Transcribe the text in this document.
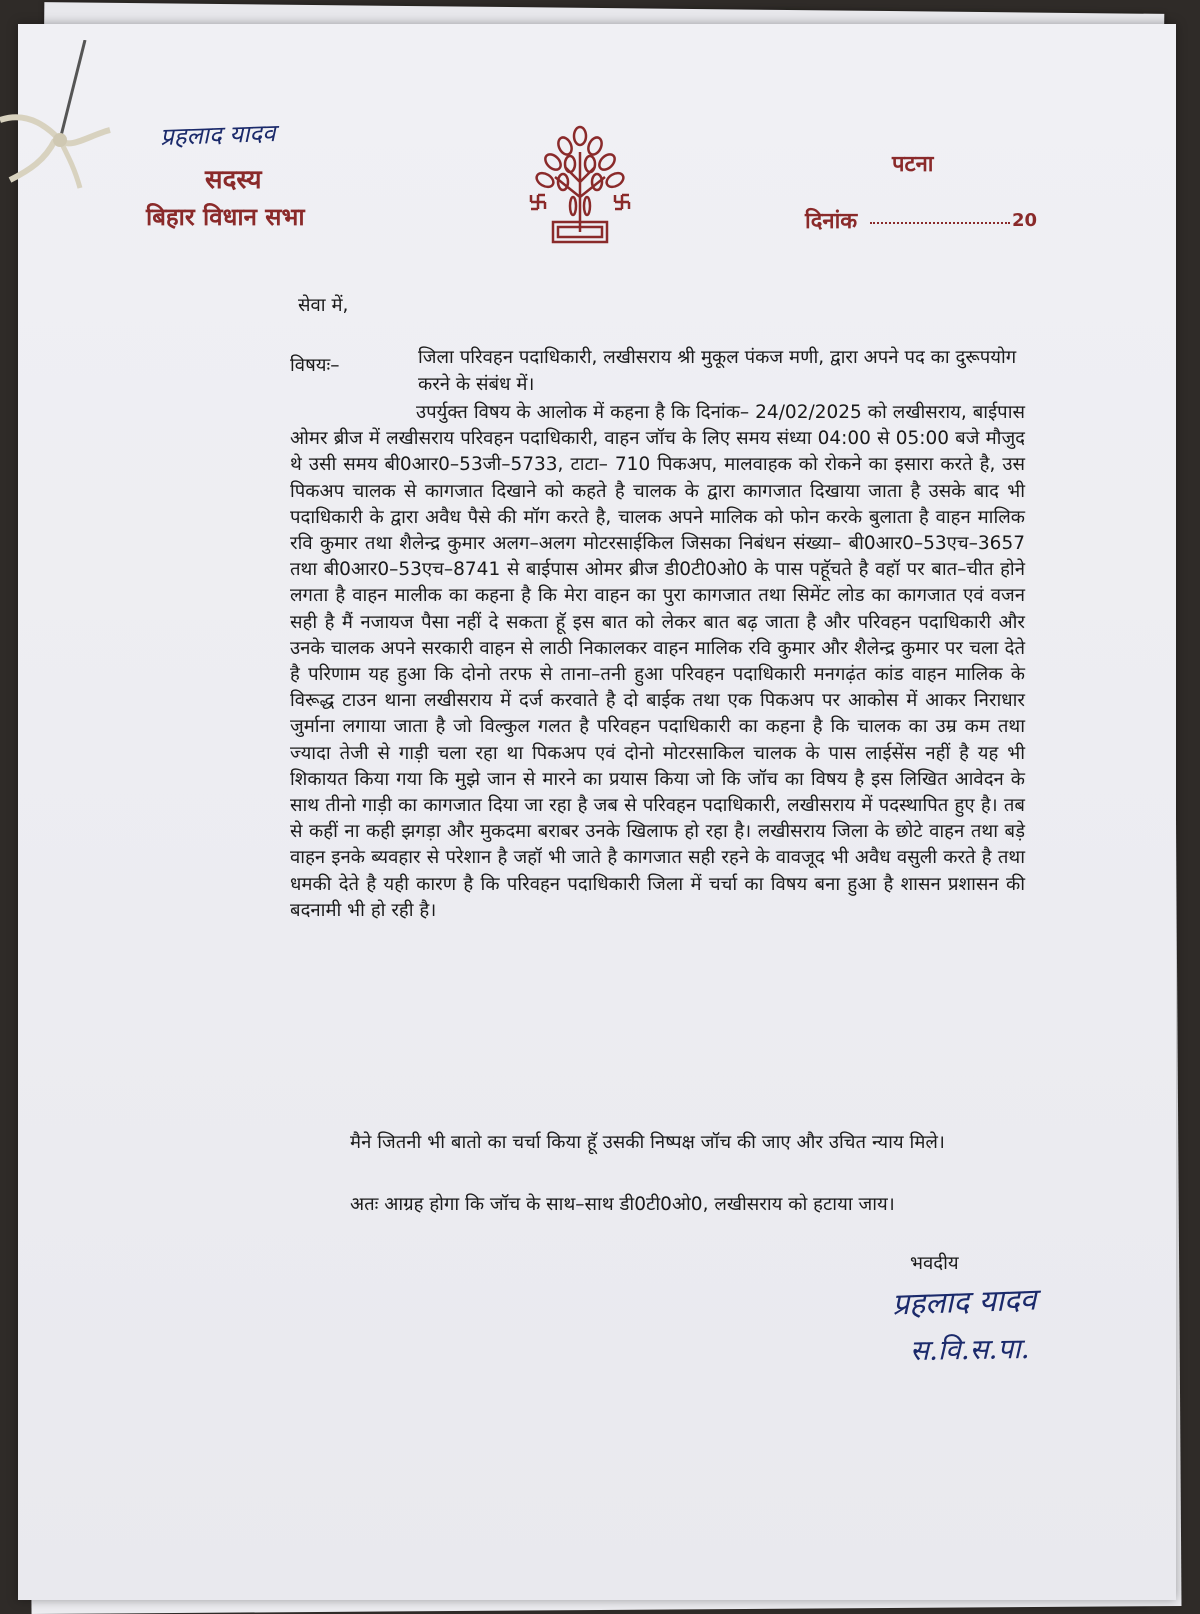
प्रहलाद यादव
सदस्य
बिहार विधान सभा
पटना
दिनांक	20
सेवा में,
विषयः–	जिला परिवहन पदाधिकारी, लखीसराय श्री मुकूल पंकज मणी, द्वारा अपने पद का दुरूपयोग करने के संबंध में।
उपर्युक्त विषय के आलोक में कहना है कि दिनांक– 24/02/2025 को लखीसराय, बाईपास ओमर ब्रीज में लखीसराय परिवहन पदाधिकारी, वाहन जॉच के लिए समय संध्या 04:00 से 05:00 बजे मौजुद थे उसी समय बी0आर0–53जी–5733, टाटा– 710 पिकअप, मालवाहक को रोकने का इसारा करते है, उस पिकअप चालक से कागजात दिखाने को कहते है चालक के द्वारा कागजात दिखाया जाता है उसके बाद भी पदाधिकारी के द्वारा अवैध पैसे की मॉग करते है, चालक अपने मालिक को फोन करके बुलाता है वाहन मालिक रवि कुमार तथा शैलेन्द्र कुमार अलग–अलग मोटरसाईकिल जिसका निबंधन संख्या– बी0आर0–53एच–3657 तथा बी0आर0–53एच–8741 से बाईपास ओमर ब्रीज डी0टी0ओ0 के पास पहूॅचते है वहॉ पर बात–चीत होने लगता है वाहन मालीक का कहना है कि मेरा वाहन का पुरा कागजात तथा सिमेंट लोड का कागजात एवं वजन सही है मैं नजायज पैसा नहीं दे सकता हूॅ इस बात को लेकर बात बढ़ जाता है और परिवहन पदाधिकारी और उनके चालक अपने सरकारी वाहन से लाठी निकालकर वाहन मालिक रवि कुमार और शैलेन्द्र कुमार पर चला देते है परिणाम यह हुआ कि दोनो तरफ से ताना–तनी हुआ परिवहन पदाधिकारी मनगढ़ंत कांड वाहन मालिक के विरूद्ध टाउन थाना लखीसराय में दर्ज करवाते है दो बाईक तथा एक पिकअप पर आकोस में आकर निराधार जुर्माना लगाया जाता है जो विल्कुल गलत है परिवहन पदाधिकारी का कहना है कि चालक का उम्र कम तथा ज्यादा तेजी से गाड़ी चला रहा था पिकअप एवं दोनो मोटरसाकिल चालक के पास लाईसेंस नहीं है यह भी शिकायत किया गया कि मुझे जान से मारने का प्रयास किया जो कि जॉच का विषय है इस लिखित आवेदन के साथ तीनो गाड़ी का कागजात दिया जा रहा है जब से परिवहन पदाधिकारी, लखीसराय में पदस्थापित हुए है। तब से कहीं ना कही झगड़ा और मुकदमा बराबर उनके खिलाफ हो रहा है। लखीसराय जिला के छोटे वाहन तथा बड़े वाहन इनके ब्यवहार से परेशान है जहॉ भी जाते है कागजात सही रहने के वावजूद भी अवैध वसुली करते है तथा धमकी देते है यही कारण है कि परिवहन पदाधिकारी जिला में चर्चा का विषय बना हुआ है शासन प्रशासन की बदनामी भी हो रही है।
मैने जितनी भी बातो का चर्चा किया हूॅ उसकी निष्पक्ष जॉच की जाए और उचित न्याय मिले।
अतः आग्रह होगा कि जॉच के साथ–साथ डी0टी0ओ0, लखीसराय को हटाया जाय।
भवदीय
प्रहलाद यादव
स.वि.स.पा.
